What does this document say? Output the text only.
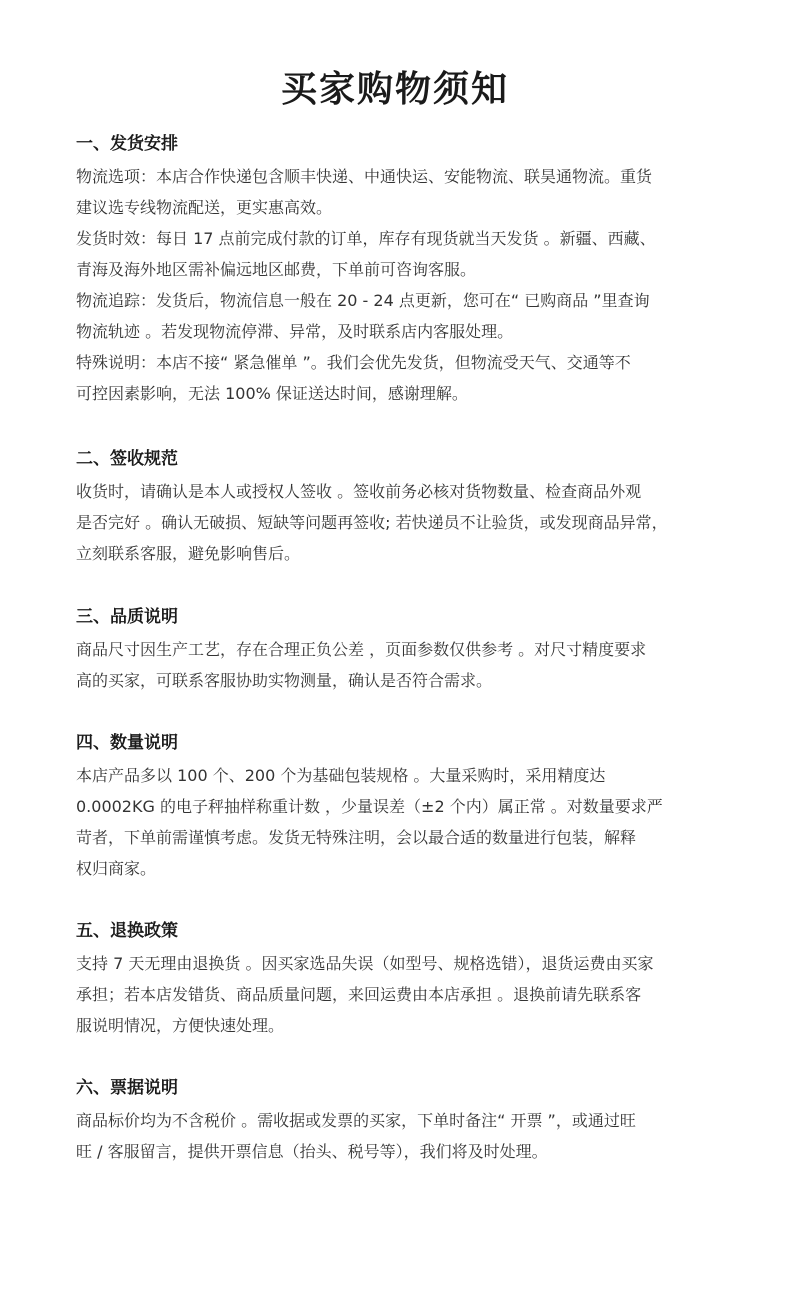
买家购物须知
一、发货安排

物流选项：本店合作快递包含顺丰快递、中通快运、安能物流、联昊通物流。重货
建议选专线物流配送，更实惠高效。

发货时效：每日 17 点前完成付款的订单，库存有现货就当天发货 。新疆、西藏、
青海及海外地区需补偏远地区邮费，下单前可咨询客服。

物流追踪：发货后，物流信息一般在 20 - 24 点更新，您可在“ 已购商品 ”里查询
物流轨迹 。若发现物流停滞、异常，及时联系店内客服处理。

特殊说明：本店不接“ 紧急催单 ”。我们会优先发货，但物流受天气、交通等不
可控因素影响，无法 100% 保证送达时间，感谢理解。

二、签收规范

收货时，请确认是本人或授权人签收 。签收前务必核对货物数量、检查商品外观
是否完好 。确认无破损、短缺等问题再签收; 若快递员不让验货，或发现商品异常，
立刻联系客服，避免影响售后。

三、品质说明

商品尺寸因生产工艺，存在合理正负公差 ，页面参数仅供参考 。对尺寸精度要求
高的买家，可联系客服协助实物测量，确认是否符合需求。

四、数量说明

本店产品多以 100 个、200 个为基础包装规格 。大量采购时，采用精度达
0.0002KG 的电子秤抽样称重计数 ，少量误差（±2 个内）属正常 。对数量要求严
苛者，下单前需谨慎考虑。发货无特殊注明，会以最合适的数量进行包装，解释
权归商家。

五、退换政策

支持 7 天无理由退换货 。因买家选品失误（如型号、规格选错），退货运费由买家
承担；若本店发错货、商品质量问题，来回运费由本店承担 。退换前请先联系客
服说明情况，方便快速处理。

六、票据说明

商品标价均为不含税价 。需收据或发票的买家，下单时备注“ 开票 ”，或通过旺
旺 / 客服留言，提供开票信息（抬头、税号等），我们将及时处理。
